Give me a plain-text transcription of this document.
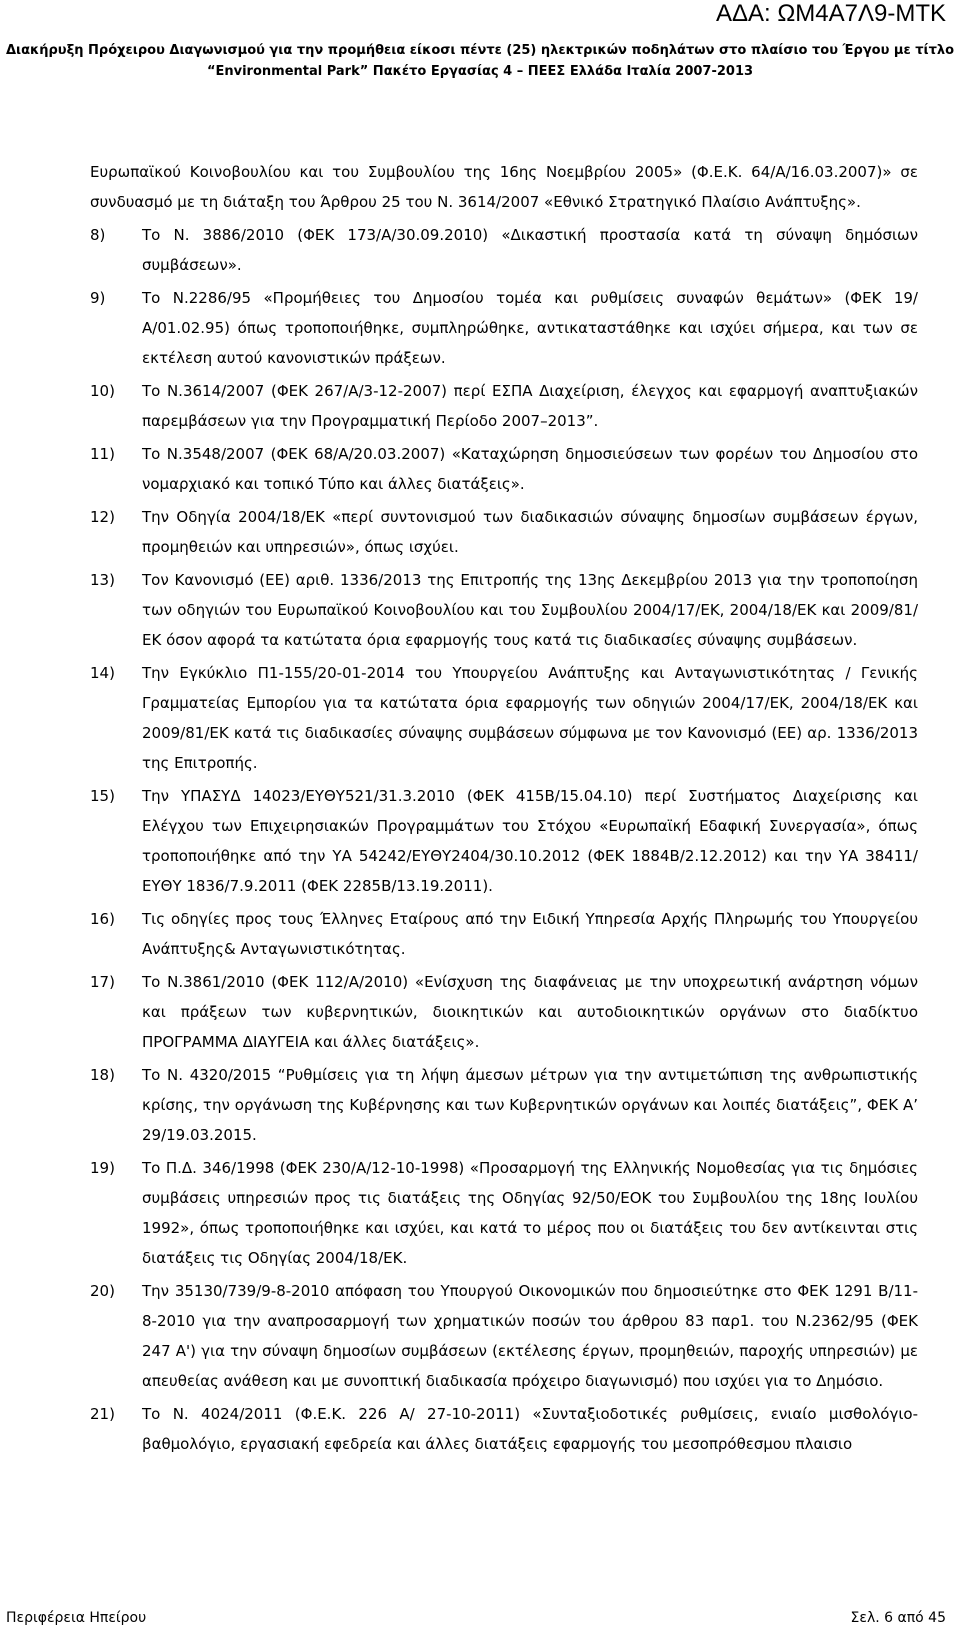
ΑΔΑ: ΩΜ4Α7Λ9-ΜΤΚ
Διακήρυξη Πρόχειρου Διαγωνισμού για την προμήθεια είκοσι πέντε (25) ηλεκτρικών ποδηλάτων στο πλαίσιο του Έργου με τίτλο
“Environmental Park” Πακέτο Εργασίας 4 – ΠΕΕΣ Ελλάδα Ιταλία 2007-2013
Ευρωπαϊκού Κοινοβουλίου και του Συμβουλίου της 16ης Νοεμβρίου 2005» (Φ.Ε.Κ. 64/Α/16.03.2007)» σε συνδυασμό με τη διάταξη του Άρθρου 25 του Ν. 3614/2007 «Εθνικό Στρατηγικό Πλαίσιο Ανάπτυξης».
8) Το Ν. 3886/2010 (ΦΕΚ 173/Α/30.09.2010) «Δικαστική προστασία κατά τη σύναψη δημόσιων συμβάσεων».
9) Το Ν.2286/95 «Προμήθειες του Δημοσίου τομέα και ρυθμίσεις συναφών θεμάτων» (ΦΕΚ 19/Α/01.02.95) όπως τροποποιήθηκε, συμπληρώθηκε, αντικαταστάθηκε και ισχύει σήμερα, και των σε εκτέλεση αυτού κανονιστικών πράξεων.
10) Το Ν.3614/2007 (ΦΕΚ 267/Α/3-12-2007) περί ΕΣΠΑ Διαχείριση, έλεγχος και εφαρμογή αναπτυξιακών παρεμβάσεων για την Προγραμματική Περίοδο 2007–2013”.
11) Το Ν.3548/2007 (ΦΕΚ 68/Α/20.03.2007) «Καταχώρηση δημοσιεύσεων των φορέων του Δημοσίου στο νομαρχιακό και τοπικό Τύπο και άλλες διατάξεις».
12) Την Οδηγία 2004/18/ΕΚ «περί συντονισμού των διαδικασιών σύναψης δημοσίων συμβάσεων έργων, προμηθειών και υπηρεσιών», όπως ισχύει.
13) Τον Κανονισμό (ΕΕ) αριθ. 1336/2013 της Επιτροπής της 13ης Δεκεμβρίου 2013 για την τροποποίηση των οδηγιών του Ευρωπαϊκού Κοινοβουλίου και του Συμβουλίου 2004/17/ΕΚ, 2004/18/ΕΚ και 2009/81/ΕΚ όσον αφορά τα κατώτατα όρια εφαρμογής τους κατά τις διαδικασίες σύναψης συμβάσεων.
14) Την Εγκύκλιο Π1-155/20-01-2014 του Υπουργείου Ανάπτυξης και Ανταγωνιστικότητας / Γενικής Γραμματείας Εμπορίου για τα κατώτατα όρια εφαρμογής των οδηγιών 2004/17/ΕΚ, 2004/18/ΕΚ και 2009/81/ΕΚ κατά τις διαδικασίες σύναψης συμβάσεων σύμφωνα με τον Κανονισμό (ΕΕ) αρ. 1336/2013 της Επιτροπής.
15) Την ΥΠΑΣΥΔ 14023/ΕΥΘΥ521/31.3.2010 (ΦΕΚ 415Β/15.04.10) περί Συστήματος Διαχείρισης και Ελέγχου των Επιχειρησιακών Προγραμμάτων του Στόχου «Ευρωπαϊκή Εδαφική Συνεργασία», όπως τροποποιήθηκε από την ΥΑ 54242/ΕΥΘΥ2404/30.10.2012 (ΦΕΚ 1884Β/2.12.2012) και την ΥΑ 38411/ΕΥΘΥ 1836/7.9.2011 (ΦΕΚ 2285Β/13.19.2011).
16) Τις οδηγίες προς τους Έλληνες Εταίρους από την Ειδική Υπηρεσία Αρχής Πληρωμής του Υπουργείου Ανάπτυξης& Ανταγωνιστικότητας.
17) Το Ν.3861/2010 (ΦΕΚ 112/Α/2010) «Ενίσχυση της διαφάνειας με την υποχρεωτική ανάρτηση νόμων και πράξεων των κυβερνητικών, διοικητικών και αυτοδιοικητικών οργάνων στο διαδίκτυο ΠΡΟΓΡΑΜΜΑ ΔΙΑΥΓΕΙΑ και άλλες διατάξεις».
18) Το Ν. 4320/2015 “Ρυθμίσεις για τη λήψη άμεσων μέτρων για την αντιμετώπιση της ανθρωπιστικής κρίσης, την οργάνωση της Κυβέρνησης και των Κυβερνητικών οργάνων και λοιπές διατάξεις”, ΦΕΚ Α’ 29/19.03.2015.
19) Το Π.Δ. 346/1998 (ΦΕΚ 230/Α/12-10-1998) «Προσαρμογή της Ελληνικής Νομοθεσίας για τις δημόσιες συμβάσεις υπηρεσιών προς τις διατάξεις της Οδηγίας 92/50/ΕΟΚ του Συμβουλίου της 18ης Ιουλίου 1992», όπως τροποποιήθηκε και ισχύει, και κατά το μέρος που οι διατάξεις του δεν αντίκεινται στις διατάξεις τις Οδηγίας 2004/18/ΕΚ.
20) Την 35130/739/9-8-2010 απόφαση του Υπουργού Οικονομικών που δημοσιεύτηκε στο ΦΕΚ 1291 Β/11-8-2010 για την αναπροσαρμογή των χρηματικών ποσών του άρθρου 83 παρ1. του Ν.2362/95 (ΦΕΚ 247 Α') για την σύναψη δημοσίων συμβάσεων (εκτέλεσης έργων, προμηθειών, παροχής υπηρεσιών) με απευθείας ανάθεση και με συνοπτική διαδικασία πρόχειρο διαγωνισμό) που ισχύει για το Δημόσιο.
21) Το Ν. 4024/2011 (Φ.Ε.Κ. 226 Α/ 27-10-2011) «Συνταξιοδοτικές ρυθμίσεις, ενιαίο μισθολόγιο-βαθμολόγιο, εργασιακή εφεδρεία και άλλες διατάξεις εφαρμογής του μεσοπρόθεσμου πλαισιο
Περιφέρεια Ηπείρου	Σελ. 6 από 45
